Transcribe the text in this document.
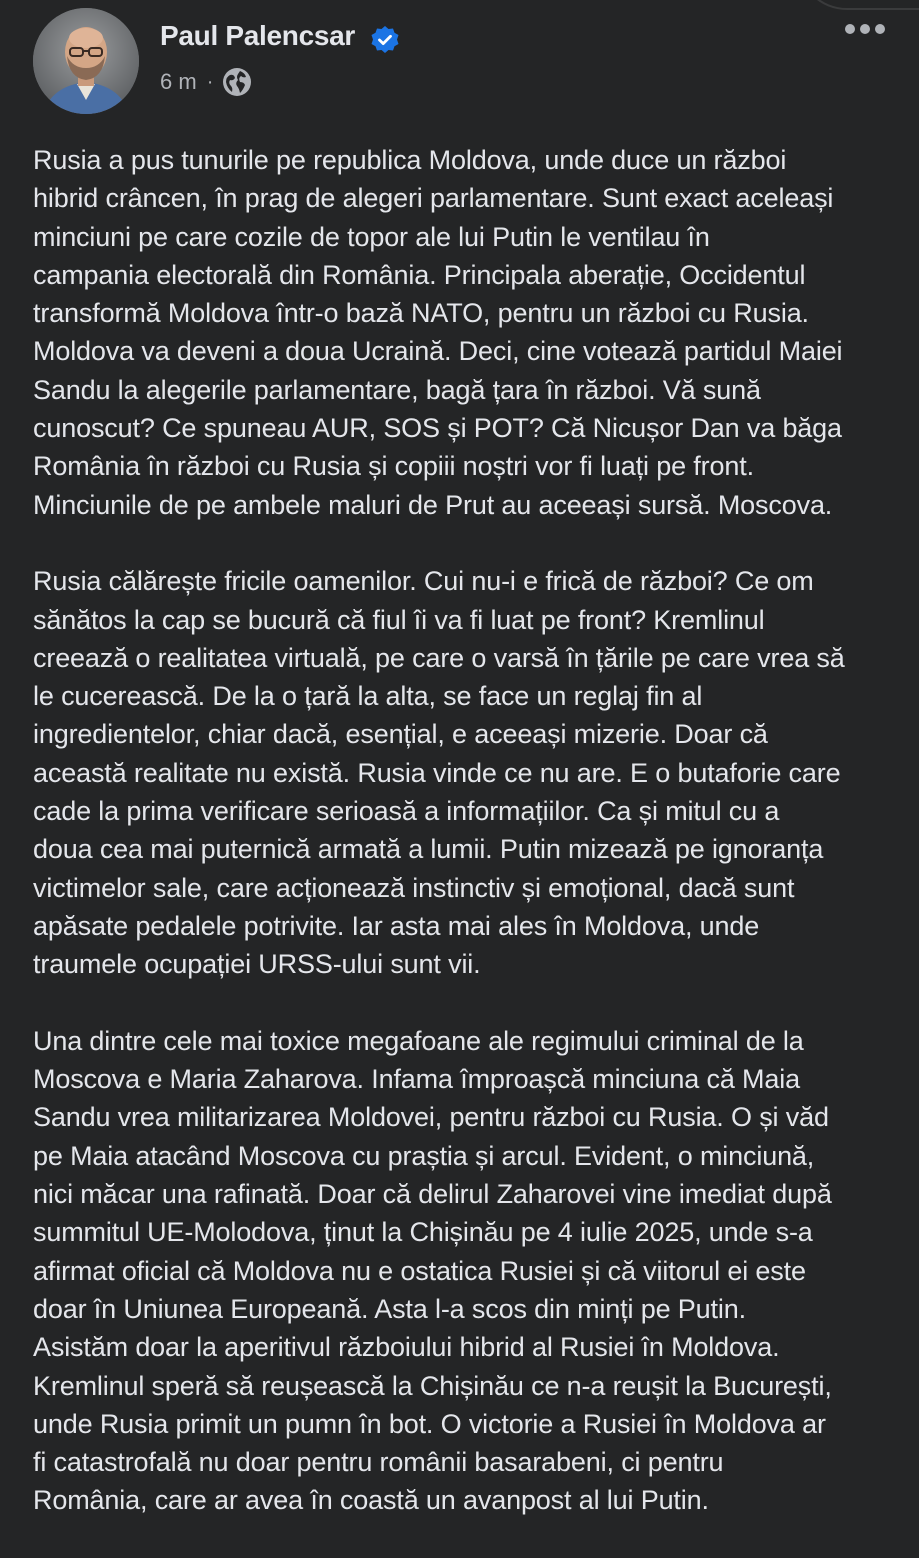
Paul Palencsar
6 m ·

Rusia a pus tunurile pe republica Moldova, unde duce un război
hibrid crâncen, în prag de alegeri parlamentare. Sunt exact aceleași
minciuni pe care cozile de topor ale lui Putin le ventilau în
campania electorală din România. Principala aberație, Occidentul
transformă Moldova într-o bază NATO, pentru un război cu Rusia.
Moldova va deveni a doua Ucraină. Deci, cine votează partidul Maiei
Sandu la alegerile parlamentare, bagă țara în război. Vă sună
cunoscut? Ce spuneau AUR, SOS și POT? Că Nicușor Dan va băga
România în război cu Rusia și copiii noștri vor fi luați pe front.
Minciunile de pe ambele maluri de Prut au aceeași sursă. Moscova.

Rusia călărește fricile oamenilor. Cui nu-i e frică de război? Ce om
sănătos la cap se bucură că fiul îi va fi luat pe front? Kremlinul
creează o realitatea virtuală, pe care o varsă în țările pe care vrea să
le cucerească. De la o țară la alta, se face un reglaj fin al
ingredientelor, chiar dacă, esențial, e aceeași mizerie. Doar că
această realitate nu există. Rusia vinde ce nu are. E o butaforie care
cade la prima verificare serioasă a informațiilor. Ca și mitul cu a
doua cea mai puternică armată a lumii. Putin mizează pe ignoranța
victimelor sale, care acționează instinctiv și emoțional, dacă sunt
apăsate pedalele potrivite. Iar asta mai ales în Moldova, unde
traumele ocupației URSS-ului sunt vii.

Una dintre cele mai toxice megafoane ale regimului criminal de la
Moscova e Maria Zaharova. Infama împroașcă minciuna că Maia
Sandu vrea militarizarea Moldovei, pentru război cu Rusia. O și văd
pe Maia atacând Moscova cu praștia și arcul. Evident, o minciună,
nici măcar una rafinată. Doar că delirul Zaharovei vine imediat după
summitul UE-Molodova, ținut la Chișinău pe 4 iulie 2025, unde s-a
afirmat oficial că Moldova nu e ostatica Rusiei și că viitorul ei este
doar în Uniunea Europeană. Asta l-a scos din minți pe Putin.
Asistăm doar la aperitivul războiului hibrid al Rusiei în Moldova.
Kremlinul speră să reușească la Chișinău ce n-a reușit la București,
unde Rusia primit un pumn în bot. O victorie a Rusiei în Moldova ar
fi catastrofală nu doar pentru românii basarabeni, ci pentru
România, care ar avea în coastă un avanpost al lui Putin.
